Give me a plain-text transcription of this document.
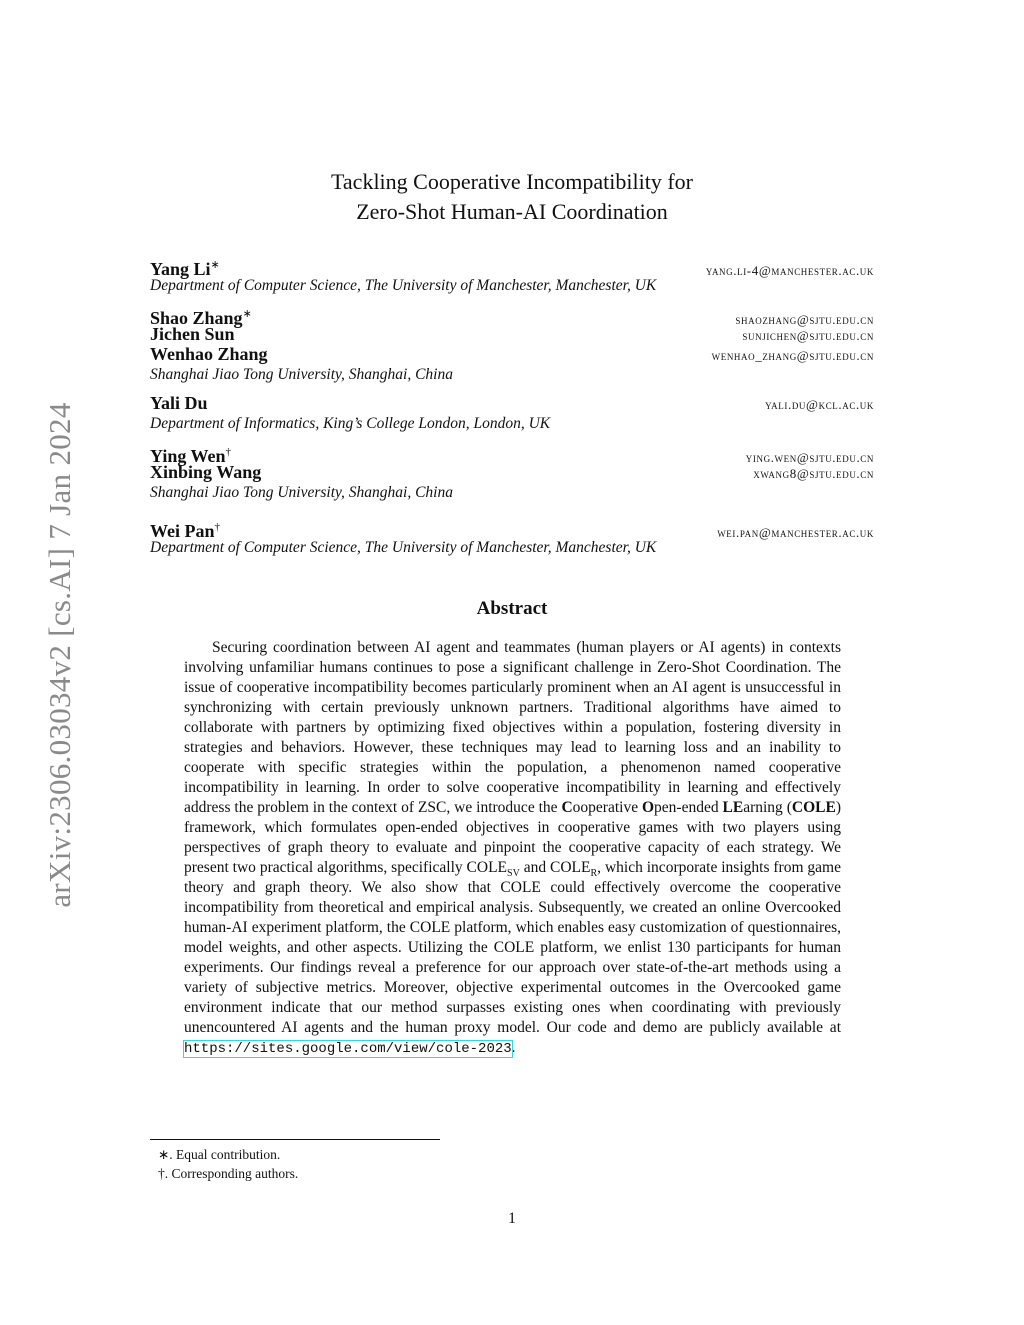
arXiv:2306.03034v2 [cs.AI] 7 Jan 2024
Tackling Cooperative Incompatibility for
Zero-Shot Human-AI Coordination
Yang Li∗	yang.li-4@manchester.ac.uk
Department of Computer Science, The University of Manchester, Manchester, UK
Shao Zhang∗	shaozhang@sjtu.edu.cn
Jichen Sun	sunjichen@sjtu.edu.cn
Wenhao Zhang	wenhao_zhang@sjtu.edu.cn
Shanghai Jiao Tong University, Shanghai, China
Yali Du	yali.du@kcl.ac.uk
Department of Informatics, King’s College London, London, UK
Ying Wen†	ying.wen@sjtu.edu.cn
Xinbing Wang	xwang8@sjtu.edu.cn
Shanghai Jiao Tong University, Shanghai, China
Wei Pan†	wei.pan@manchester.ac.uk
Department of Computer Science, The University of Manchester, Manchester, UK
Abstract

Securing coordination between AI agent and teammates (human players or AI agents) in contexts involving unfamiliar humans continues to pose a significant challenge in Zero-Shot Coordination. The issue of cooperative incompatibility becomes particularly prominent when an AI agent is unsuccessful in synchronizing with certain previously unknown partners. Traditional algorithms have aimed to collaborate with partners by optimizing fixed objectives within a population, fostering diversity in strategies and behaviors. However, these techniques may lead to learning loss and an inability to cooperate with specific strategies within the population, a phenomenon named cooperative incompatibility in learning. In order to solve cooperative incompatibility in learning and effectively address the problem in the context of ZSC, we introduce the Cooperative Open-ended LEarning (COLE) framework, which formulates open-ended objectives in cooperative games with two players using perspectives of graph theory to evaluate and pinpoint the cooperative capacity of each strategy. We present two practical algorithms, specifically $COLE_{SV}$ and $COLE_R$, which incorporate insights from game theory and graph theory. We also show that COLE could effectively overcome the cooperative incompatibility from theoretical and empirical analysis. Subsequently, we created an online Overcooked human-AI experiment platform, the COLE platform, which enables easy customization of questionnaires, model weights, and other aspects. Utilizing the COLE platform, we enlist 130 participants for human experiments. Our findings reveal a preference for our approach over state-of-the-art methods using a variety of subjective metrics. Moreover, objective experimental outcomes in the Overcooked game environment indicate that our method surpasses existing ones when coordinating with previously unencountered AI agents and the human proxy model. Our code and demo are publicly available at https://sites.google.com/view/cole-2023.

∗. Equal contribution.
†. Corresponding authors.
1
